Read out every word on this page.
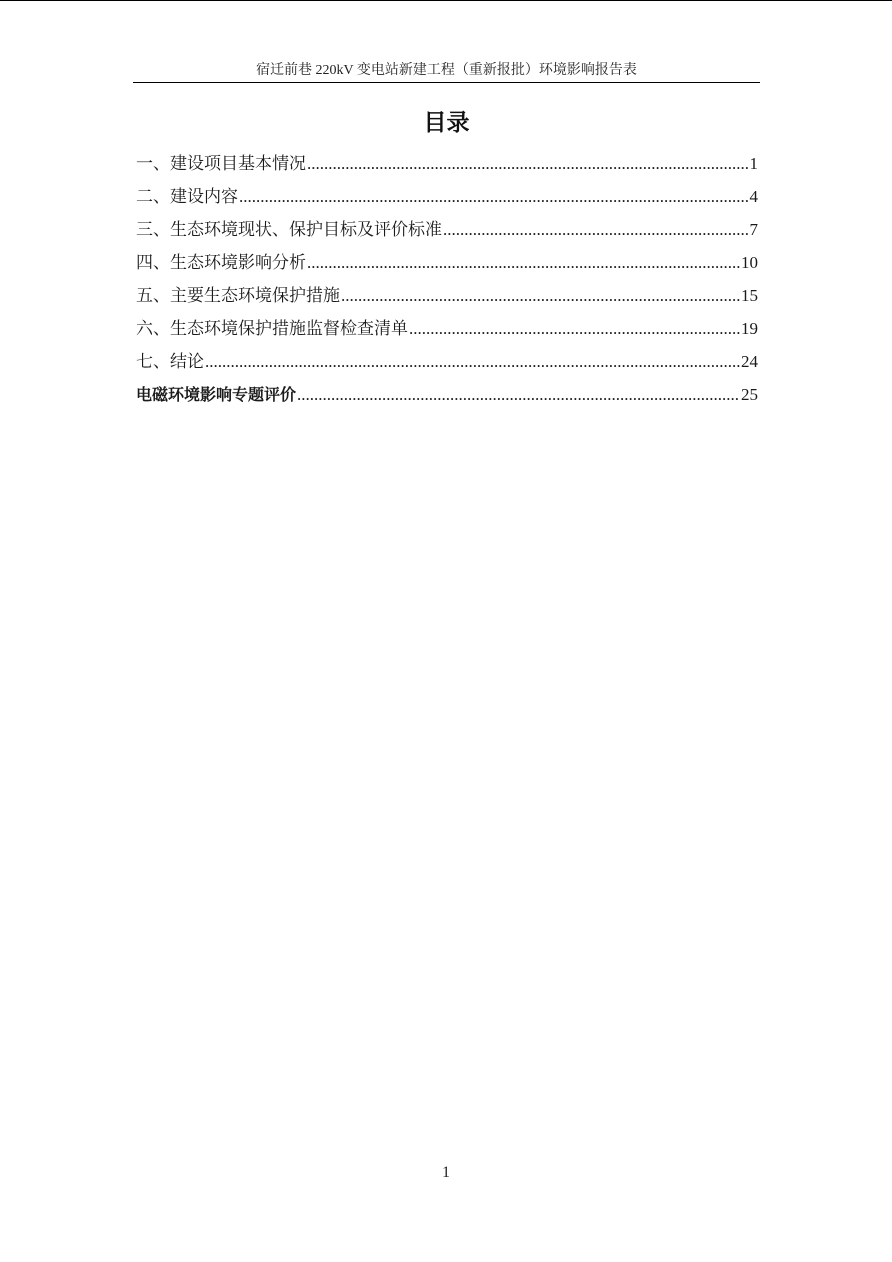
宿迁前巷 220kV 变电站新建工程（重新报批）环境影响报告表
目录
一、建设项目基本情况 .....	1
二、建设内容 .....	4
三、生态环境现状、保护目标及评价标准 .....	7
四、生态环境影响分析 .....	10
五、主要生态环境保护措施 .....	15
六、生态环境保护措施监督检查清单 .....	19
七、结论 .....	24
电磁环境影响专题评价 .....	25
1
